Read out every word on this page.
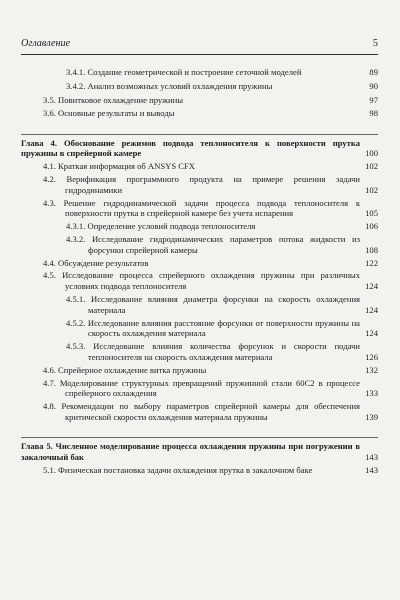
Оглавление	5
3.4.1. Создание геометрической и построение сеточной моделей	89
3.4.2. Анализ возможных условий охлаждения пружины	90
3.5. Повитковое охлаждение пружины	97
3.6. Основные результаты и выводы	98
Глава 4. Обоснование режимов подвода теплоносителя к поверхности прутка пружины в спрейерной камере	100
4.1. Краткая информация об ANSYS CFX	102
4.2. Верификация программного продукта на примере решения задачи гидродинамики	102
4.3. Решение гидродинамической задачи процесса подвода теплоносителя к поверхности прутка в спрейерной камере без учета испарения	105
4.3.1. Определение условий подвода теплоносителя	106
4.3.2. Исследование гидродинамических параметров потока жидкости из форсунки спрейерной камеры	108
4.4. Обсуждение результатов	122
4.5. Исследование процесса спрейерного охлаждения пружины при различных условиях подвода теплоносителя	124
4.5.1. Исследование влияния диаметра форсунки на скорость охлаждения материала	124
4.5.2. Исследование влияния расстояние форсунки от поверхности пружины на скорость охлаждения материала	124
4.5.3. Исследование влияния количества форсунок и скорости подачи теплоносителя на скорость охлаждения материала	126
4.6. Спрейерное охлаждение витка пружины	132
4.7. Моделирование структурных превращений пружинной стали 60С2 в процессе спрейерного охлаждения	133
4.8. Рекомендации по выбору параметров спрейерной камеры для обеспечения критической скорости охлаждения материала пружины	139
Глава 5. Численное моделирование процесса охлаждения пружины при погружении в закалочный бак	143
5.1. Физическая постановка задачи охлаждения прутка в закалочном баке	143
